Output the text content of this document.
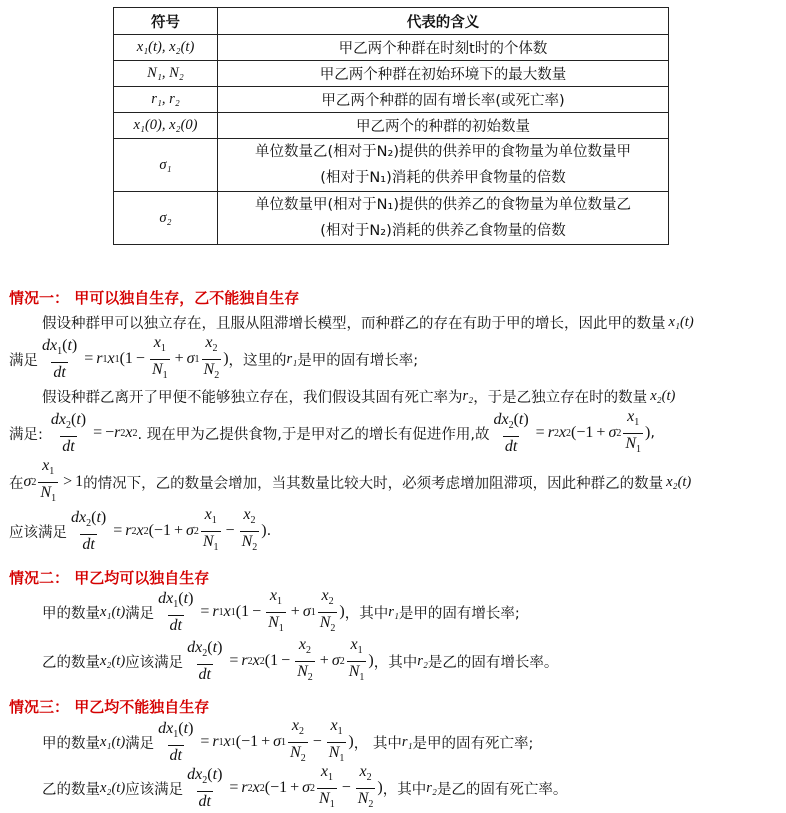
符号	代表的含义
x₁(t), x₂(t)	甲乙两个种群在时刻t时的个体数
N₁, N₂	甲乙两个种群在初始环境下的最大数量
r₁, r₂	甲乙两个种群的固有增长率(或死亡率)
x₁(0), x₂(0)	甲乙两个的种群的初始数量
σ₁	单位数量乙(相对于N₂)提供的供养甲的食物量为单位数量甲
(相对于N₁)消耗的供养甲食物量的倍数

σ₂	单位数量甲(相对于N₁)提供的供养乙的食物量为单位数量乙
(相对于N₂)消耗的供养乙食物量的倍数
情况一： 甲可以独自生存，乙不能独自生存
假设种群甲可以独立存在，且服从阻滞增长模型，而种群乙的存在有助于甲的增长，因此甲的数量 x₁(t)
满足 $\frac{dx_1(t)}{dt} = r$ 1 x 1 ($1 - \frac{x_1}{N_1} + \sigma$ $1 \frac{x_2}{N_2}$ ) ，这里的 r₁ 是甲的固有增长率;
假设种群乙离开了甲便不能够独立存在，我们假设其固有死亡率为 r₂ ，于是乙独立存在时的数量 x₂(t)
满足: $\frac{dx_2(t)}{dt}$ = − r 2 x 2 . 现在甲为乙提供食物,于是甲对乙的增长有促进作用,故 $\frac{dx_2(t)}{dt} = r$ 2 x 2 (−1 + σ $2 \frac{x_1}{N_1}$ ) ,
在 σ $2 \frac{x_1}{N_1} > 1$ 的情况下，乙的数量会增加，当其数量比较大时，必须考虑增加阻滞项，因此种群乙的数量 x₂(t)
应该满足 $\frac{dx_2(t)}{dt} = r$ 2 x 2 (−1 + σ $2 \frac{x_1}{N_1} - \frac{x_2}{N_2}$ ) .
情况二： 甲乙均可以独自生存
甲的数量 x₁(t) 满足 $\frac{dx_1(t)}{dt} = r$ 1 x 1 ($1 - \frac{x_1}{N_1} + \sigma$ $1 \frac{x_2}{N_2}$ ) ，其中 r₁ 是甲的固有增长率;
乙的数量 x₂(t) 应该满足 $\frac{dx_2(t)}{dt} = r$ 2 x 2 ($1 - \frac{x_2}{N_2} + \sigma$ $2 \frac{x_1}{N_1}$ ) ，其中 r₂ 是乙的固有增长率。
情况三： 甲乙均不能独自生存
甲的数量 x₁(t) 满足 $\frac{dx_1(t)}{dt} = r$ 1 x 1 (−1 + σ $1 \frac{x_2}{N_2} - \frac{x_1}{N_1}$ ) ， 其中 r₁ 是甲的固有死亡率;
乙的数量 x₂(t) 应该满足 $\frac{dx_2(t)}{dt} = r$ 2 x 2 (−1 + σ $2 \frac{x_1}{N_1} - \frac{x_2}{N_2}$ ) ，其中 r₂ 是乙的固有死亡率。
